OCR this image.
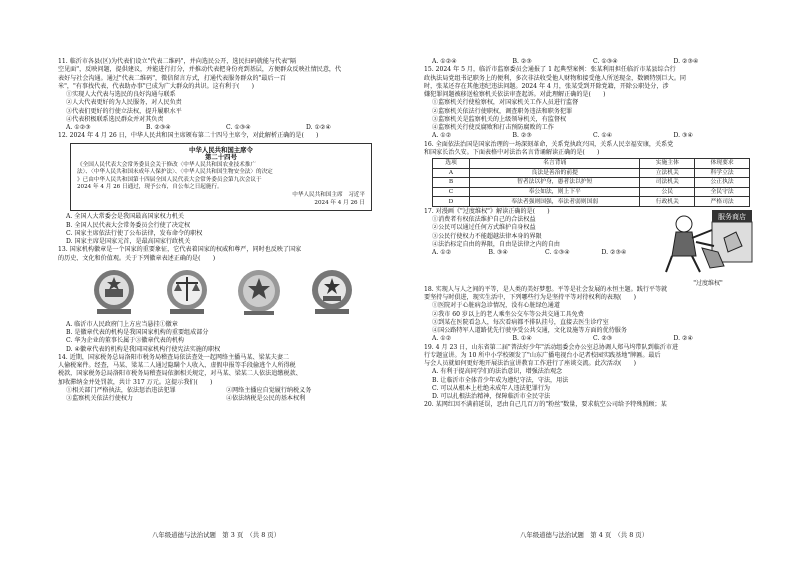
11. 临沂市各县(区)为代表们设立"代表二维码"，并向选民公开，选民扫码就能与代表"隔

空见面"，反映问题，提供建议，并能进行打分，并推动代表把身份亮到基层，方便群众反映社情民意，代

表好与社会沟通。通过"代表二维码"，微信留言方式，打通代表服务群众的"最后一百

米"，"有事找代表，代表助办事"已成为广大群众的共识。这有利于(　　)

①实现人大代表与选民的良好沟通与联系

②人大代表更好的为人民服务，对人民负责

③代表们更好的行使立法权，提升履职水平

④代表积极联系选民群众并对其负责

A. ①②③	B. ②③④	C. ①③④	D. ①②④

12. 2024 年 4 月 26 日，中华人民共和国主席颁布第二十四号主席令，对此解析正确的是(　　)

中华人民共和国主席令
第二十四号
《全国人民代表大会常务委员会关于修改〈中华人民共和国农业技术推广
法〉、〈中华人民共和国未成年人保护法〉、〈中华人民共和国生物安全法〉的决定
》已由中华人民共和国第十四届全国人民代表大会常务委员会第九次会议于
2024 年 4 月 26 日通过，现予公布，自公布之日起施行。
中华人民共和国主席　习近平
2024 年 4 月 26 日

A. 全国人大常委会是我国最高国家权力机关

B. 全国人民代表大会常务委员会行使了决定权

C. 国家主席依法行使了公布法律，发布命令的职权

D. 国家主席是国家元首，是最高国家行政机关

13. 国家机构徽章是一个国家的重要象征，它代表着国家的权威和尊严，同时也反映了国家

的历史、文化和价值观。关于下列徽章表述正确的是(　　)

A. 临沂市人民政府门上方应当悬挂①徽章

B. 是徽章代表的机构是我国国家机构的重要组成部分

C. 华为企业的董事长属于③徽章代表的机构

D. ④徽章代表的机构是我国国家机构行使宪法实施的职权

14. 近期，国家税务总局洛阳市税务局稽查局依法查处一起网络主播马某、梁某夫妻二

人偷税案件。经查，马某、梁某二人通过隐瞒个人收入、虚假申报等手段偷逃个人所得税

税款，国家税务总局洛阳市税务局稽查局依据相关规定，对马某、梁某二人依法追缴税款、

加收滞纳金并处罚款，共计 317 万元。这提示我们(　　)

①相关部门严格执法，依法惩治违法犯罪	②网络主播应自觉履行纳税义务
③监察机关依法行使权力	④依法纳税是公民的基本权利
A. ①②④	B. ②③	C. ①③④	D. ②③④

15. 2024 年 5 月，临沂市监察委员会通报了 1 起典型案例：张某利用担任临沂市某县综合行

政执法局党组书记职务上的便利，多次非法收受他人财物和接受他人所送现金，数额特别巨大。同

时，张某还存在其他违纪违法问题。2024 年 4 月，张某受到开除党籍，开除公职处分，涉

嫌犯罪问题被移送检察机关依法审查起诉。对此理解正确的是(　　)

①监察机关行使检察权，对国家机关工作人员进行监督

②监察机关依法行使职权，调查职务违法和职务犯罪

③监察机关是监察机关的上级领导机关，有监督权

④监察机关行使反腐败和打击预防腐败的工作

A. ①②	B. ②③	C. ①④	D. ③④

16. 全面依法治国是国家治理的一场深刻革命，关系党执政兴国，关系人民幸福安康，关系党

和国家长治久安。下面表格中对法治名言背诵解读正确的是(　　)

选项	名言背诵	实施主体	体现要求
A	良法是善治的前提	立法机关	科学立法
B	智者法以护身，愚者法以护短	司法机关	公正执法
C	奉公如法，则上下平	公民	全民守法
D	奉法者强则国强，奉法者弱则国弱	行政机关	严格司法

17. 对漫画《"过度维权"》解读正确的是(　　)

①消费者有权依法维护自己的合法权益

②公民可以通过任何方式维护自身权益

③公民行使权力不能超越法律本身的界限

④法治标定自由的界限，自由是法律之内的自由

A. ①②	B. ③④	C. ①③④	D. ②③④
服务商店
"过度维权"

18. 实现人与人之间的平等，是人类的美好梦想。平等是社会发展的永恒主题。践行平等就

要坚持与时俱进，现实生活中，下列哪些行为是坚持平等对待权利的表现(　　)

①医院对于心脏病急诊情况，没有心脏绿色通道

②我市 60 岁以上的老人乘坐公交车等公共交通工具免费

③到某在医院看急人，每次看病都不排队挂号，直接去医生诊疗室

④国公路特军人道路优先行驶享受公共交通，文化设施等方面的优待服务

A. ①②	B. ①④	C. ②③	D. ②④

19. 4 月 23 日，山东省第二届"普法好少年"活动组委会办公室总协调人郑马坞带队到临沂市进

行专题宣讲。为 10 所中小学校颁发了"山东广播电视台小记者校园实践基地"牌匾。最后

与会人员就如何更好地开展法治宣讲教育工作进行了座谈交流。此次活动(　　)

A. 有利于提高同学们的法治意识，增强法治观念

B. 让临沂市全体青少年成为遵纪守法，守法，用法

C. 可以从根本上杜绝未成年人违法犯罪行为

D. 可以扎根法治精神，保障临沂市全民守法

20. 某网红因不满前延误，恶由自己几百万的"粉丝"数量，要求航空公司给予特殊照顾；某

八年级道德与法治试题　第 3 页　（共 8 页）	八年级道德与法治试题　第 4 页　（共 8 页）
